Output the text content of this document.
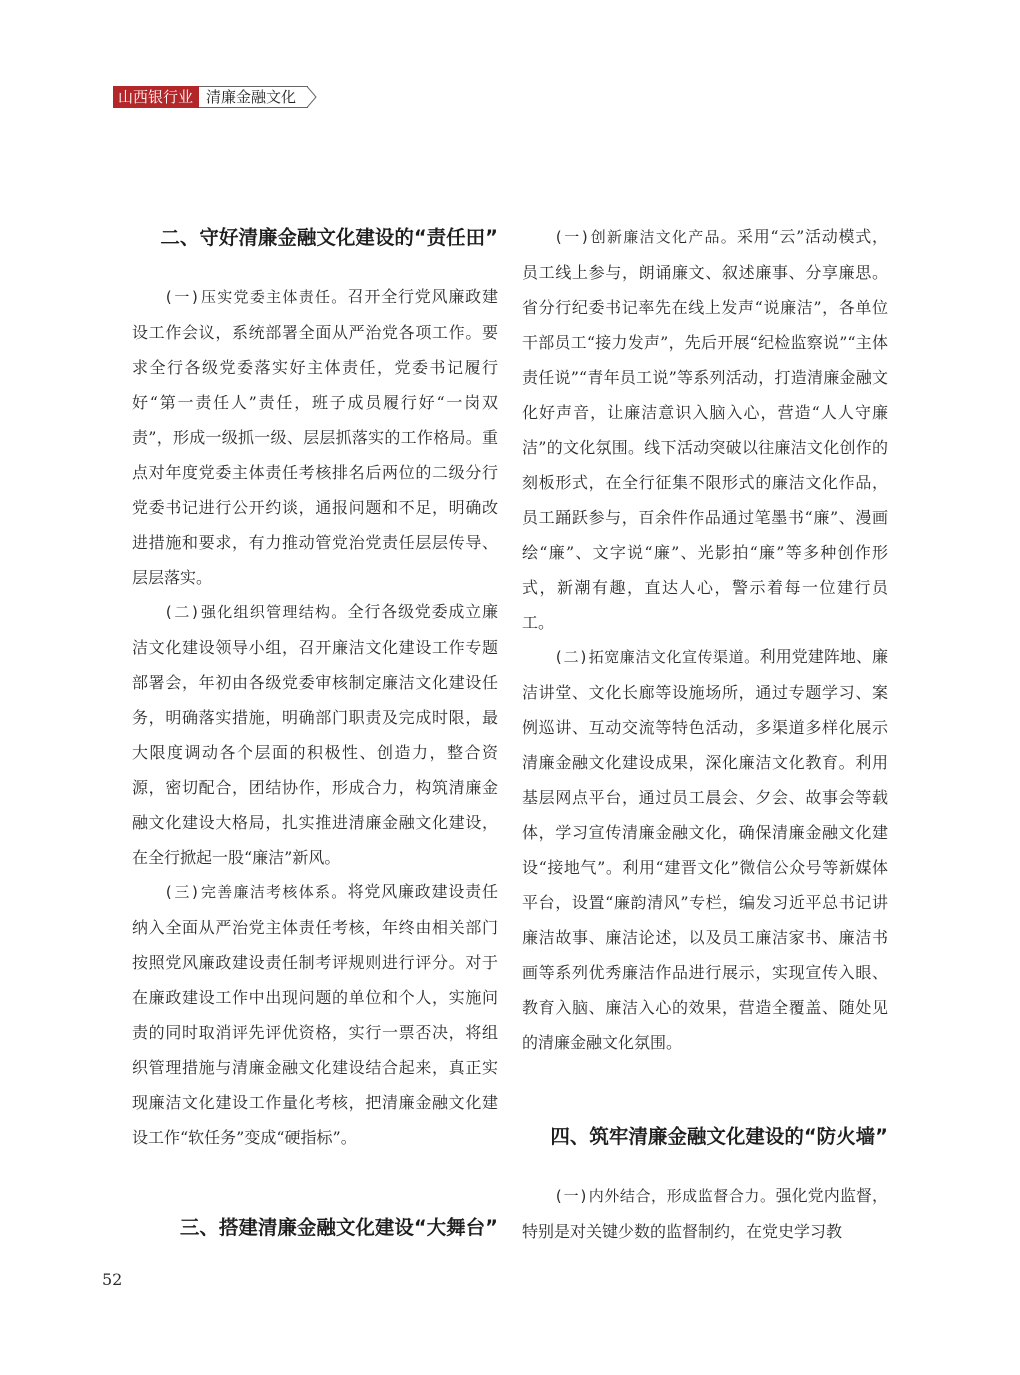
山西银行业 清廉金融文化
二、守好清廉金融文化建设的“责任田”

(一)压实党委主体责任。召开全行党风廉政建设工作会议，系统部署全面从严治党各项工作。要求全行各级党委落实好主体责任，党委书记履行好“第一责任人”责任，班子成员履行好“一岗双责”，形成一级抓一级、层层抓落实的工作格局。重点对年度党委主体责任考核排名后两位的二级分行党委书记进行公开约谈，通报问题和不足，明确改进措施和要求，有力推动管党治党责任层层传导、层层落实。

(二)强化组织管理结构。全行各级党委成立廉洁文化建设领导小组，召开廉洁文化建设工作专题部署会，年初由各级党委审核制定廉洁文化建设任务，明确落实措施，明确部门职责及完成时限，最大限度调动各个层面的积极性、创造力，整合资源，密切配合，团结协作，形成合力，构筑清廉金融文化建设大格局，扎实推进清廉金融文化建设，在全行掀起一股“廉洁”新风。

(三)完善廉洁考核体系。将党风廉政建设责任纳入全面从严治党主体责任考核，年终由相关部门按照党风廉政建设责任制考评规则进行评分。对于在廉政建设工作中出现问题的单位和个人，实施问责的同时取消评先评优资格，实行一票否决，将组织管理措施与清廉金融文化建设结合起来，真正实现廉洁文化建设工作量化考核，把清廉金融文化建设工作“软任务”变成“硬指标”。

三、搭建清廉金融文化建设“大舞台”

(一)创新廉洁文化产品。采用“云”活动模式，员工线上参与，朗诵廉文、叙述廉事、分享廉思。省分行纪委书记率先在线上发声“说廉洁”，各单位干部员工“接力发声”，先后开展“纪检监察说”“主体责任说”“青年员工说”等系列活动，打造清廉金融文化好声音，让廉洁意识入脑入心，营造“人人守廉洁”的文化氛围。线下活动突破以往廉洁文化创作的刻板形式，在全行征集不限形式的廉洁文化作品，员工踊跃参与，百余件作品通过笔墨书“廉”、漫画绘“廉”、文字说“廉”、光影拍“廉”等多种创作形式，新潮有趣，直达人心，警示着每一位建行员工。

(二)拓宽廉洁文化宣传渠道。利用党建阵地、廉洁讲堂、文化长廊等设施场所，通过专题学习、案例巡讲、互动交流等特色活动，多渠道多样化展示清廉金融文化建设成果，深化廉洁文化教育。利用基层网点平台，通过员工晨会、夕会、故事会等载体，学习宣传清廉金融文化，确保清廉金融文化建设“接地气”。利用“建晋文化”微信公众号等新媒体平台，设置“廉韵清风”专栏，编发习近平总书记讲廉洁故事、廉洁论述，以及员工廉洁家书、廉洁书画等系列优秀廉洁作品进行展示，实现宣传入眼、教育入脑、廉洁入心的效果，营造全覆盖、随处见的清廉金融文化氛围。

四、筑牢清廉金融文化建设的“防火墙”

(一)内外结合，形成监督合力。强化党内监督，特别是对关键少数的监督制约，在党史学习教

52
